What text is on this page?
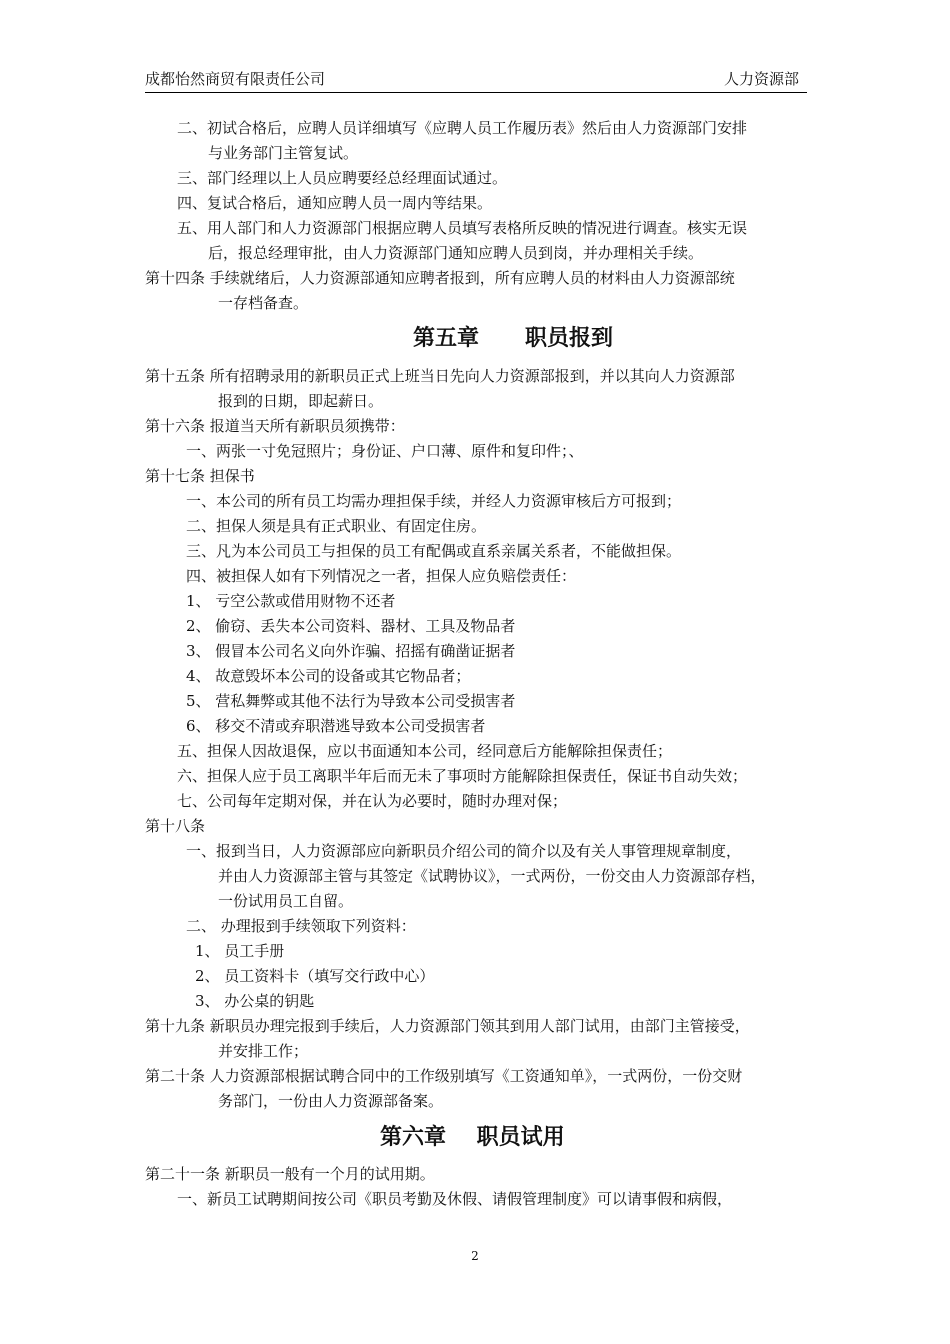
成都怡然商贸有限责任公司	人力资源部
二、初试合格后，应聘人员详细填写《应聘人员工作履历表》然后由人力资源部门安排
与业务部门主管复试。
三、部门经理以上人员应聘要经总经理面试通过。
四、复试合格后，通知应聘人员一周内等结果。
五、用人部门和人力资源部门根据应聘人员填写表格所反映的情况进行调查。核实无误
后，报总经理审批，由人力资源部门通知应聘人员到岗，并办理相关手续。
第十四条 手续就绪后，人力资源部通知应聘者报到，所有应聘人员的材料由人力资源部统
一存档备查。
第五章      职员报到
第十五条 所有招聘录用的新职员正式上班当日先向人力资源部报到，并以其向人力资源部
报到的日期，即起薪日。
第十六条 报道当天所有新职员须携带：
一、两张一寸免冠照片；身份证、户口薄、原件和复印件；、
第十七条 担保书
一、本公司的所有员工均需办理担保手续，并经人力资源审核后方可报到；
二、担保人须是具有正式职业、有固定住房。
三、凡为本公司员工与担保的员工有配偶或直系亲属关系者，不能做担保。
四、被担保人如有下列情况之一者，担保人应负赔偿责任：
1、 亏空公款或借用财物不还者
2、 偷窃、丢失本公司资料、器材、工具及物品者
3、 假冒本公司名义向外诈骗、招摇有确凿证据者
4、 故意毁坏本公司的设备或其它物品者；
5、 营私舞弊或其他不法行为导致本公司受损害者
6、 移交不清或弃职潜逃导致本公司受损害者
五、担保人因故退保，应以书面通知本公司，经同意后方能解除担保责任；
六、担保人应于员工离职半年后而无未了事项时方能解除担保责任，保证书自动失效；
七、公司每年定期对保，并在认为必要时，随时办理对保；
第十八条
一、报到当日，人力资源部应向新职员介绍公司的简介以及有关人事管理规章制度，
并由人力资源部主管与其签定《试聘协议》，一式两份，一份交由人力资源部存档，
一份试用员工自留。
二、 办理报到手续领取下列资料：
1、 员工手册
2、 员工资料卡（填写交行政中心）
3、 办公桌的钥匙
第十九条 新职员办理完报到手续后，人力资源部门领其到用人部门试用，由部门主管接受，
并安排工作；
第二十条 人力资源部根据试聘合同中的工作级别填写《工资通知单》，一式两份，一份交财
务部门，一份由人力资源部备案。
第六章    职员试用
第二十一条 新职员一般有一个月的试用期。
一、新员工试聘期间按公司《职员考勤及休假、请假管理制度》可以请事假和病假，
2
